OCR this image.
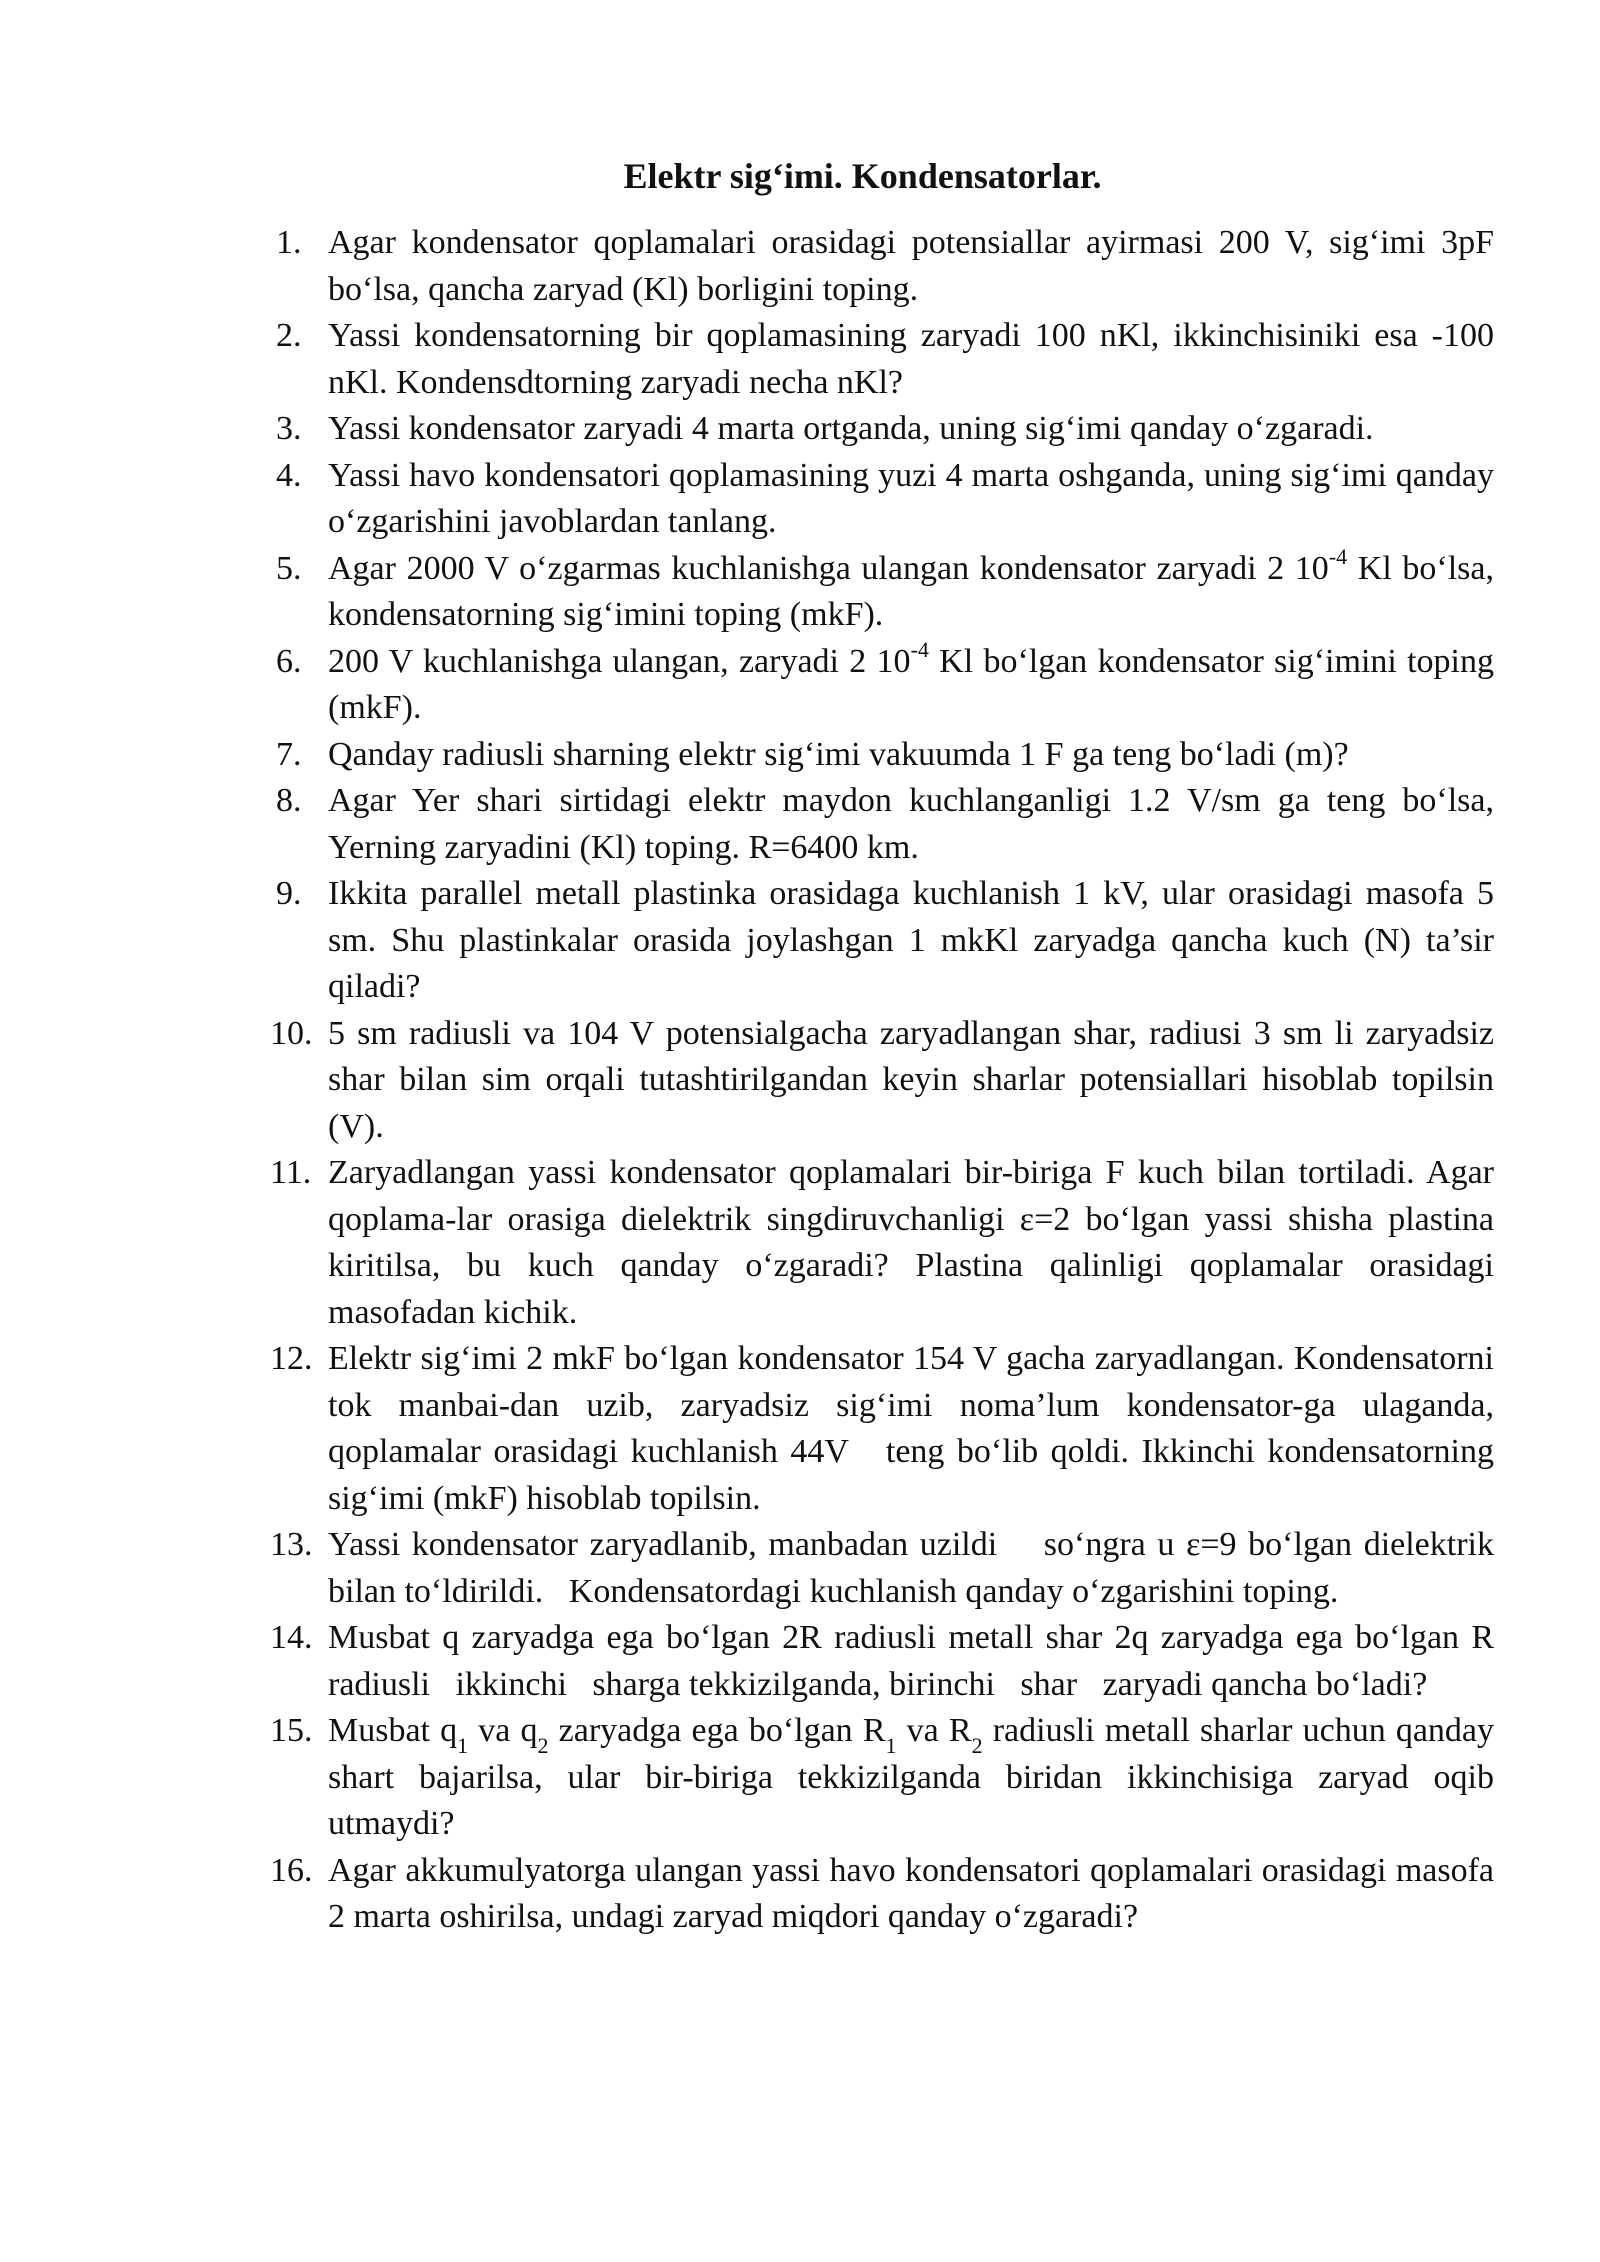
Elektr sig‘imi. Kondensatorlar.
1. Agar kondensator qoplamalari orasidagi potensiallar ayirmasi 200 V, sig‘imi 3pF bo‘lsa, qancha zaryad (Kl) borligini toping.
2. Yassi kondensatorning bir qoplamasining zaryadi 100 nKl, ikkinchisiniki esa -100 nKl. Kondensdtorning zaryadi necha nKl?
3. Yassi kondensator zaryadi 4 marta ortganda, uning sig‘imi qanday o‘zgaradi.
4. Yassi havo kondensatori qoplamasining yuzi 4 marta oshganda, uning sig‘imi qanday o‘zgarishini javoblardan tanlang.
5. Agar 2000 V o‘zgarmas kuchlanishga ulangan kondensator zaryadi 2 $10^{-4}$ Kl bo‘lsa, kondensatorning sig‘imini toping (mkF).
6. 200 V kuchlanishga ulangan, zaryadi 2 $10^{-4}$ Kl bo‘lgan kondensator sig‘imini toping (mkF).
7. Qanday radiusli sharning elektr sig‘imi vakuumda 1 F ga teng bo‘ladi (m)?
8. Agar Yer shari sirtidagi elektr maydon kuchlanganligi 1.2 V/sm ga teng bo‘lsa, Yerning zaryadini (Kl) toping. R=6400 km.
9. Ikkita parallel metall plastinka orasidaga kuchlanish 1 kV, ular orasidagi masofa 5 sm. Shu plastinkalar orasida joylashgan 1 mkKl zaryadga qancha kuch (N) ta’sir qiladi?
10. 5 sm radiusli va 104 V potensialgacha zaryadlangan shar, radiusi 3 sm li zaryadsiz shar bilan sim orqali tutashtirilgandan keyin sharlar potensiallari hisoblab topilsin (V).
11. Zaryadlangan yassi kondensator qoplamalari bir-biriga F kuch bilan tortiladi. Agar qoplama-lar orasiga dielektrik singdiruvchanligi ε=2 bo‘lgan yassi shisha plastina kiritilsa, bu kuch qanday o‘zgaradi? Plastina qalinligi qoplamalar orasidagi masofadan kichik.
12. Elektr sig‘imi 2 mkF bo‘lgan kondensator 154 V gacha zaryadlangan. Kondensatorni tok manbai-dan uzib, zaryadsiz sig‘imi noma’lum kondensator-ga ulaganda, qoplamalar orasidagi kuchlanish 44V   teng bo‘lib qoldi. Ikkinchi kondensatorning sig‘imi (mkF) hisoblab topilsin.
13. Yassi kondensator zaryadlanib, manbadan uzildi    so‘ngra u ε=9 bo‘lgan dielektrik bilan to‘ldirildi.   Kondensatordagi kuchlanish qanday o‘zgarishini toping.
14. Musbat q zaryadga ega bo‘lgan 2R radiusli metall shar 2q zaryadga ega bo‘lgan R radiusli   ikkinchi   sharga tekkizilganda, birinchi   shar   zaryadi qancha bo‘ladi?
15. Musbat $q_1$ va $q_2$ zaryadga ega bo‘lgan $R_1$ va $R_2$ radiusli metall sharlar uchun qanday shart bajarilsa, ular bir-biriga tekkizilganda biridan ikkinchisiga zaryad oqib utmaydi?
16. Agar akkumulyatorga ulangan yassi havo kondensatori qoplamalari orasidagi masofa 2 marta oshirilsa, undagi zaryad miqdori qanday o‘zgaradi?
